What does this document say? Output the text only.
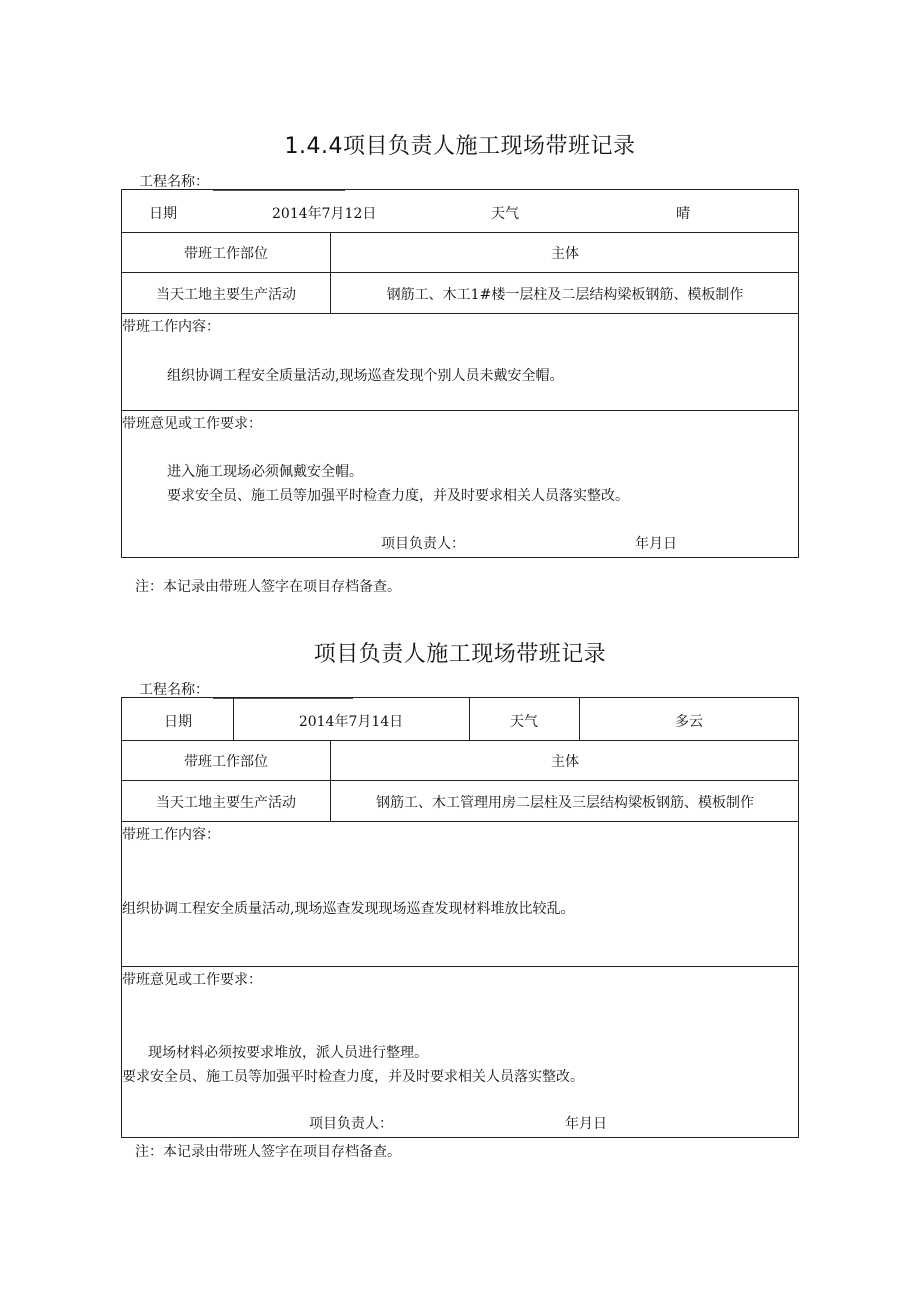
1.4.4项目负责人施工现场带班记录
工程名称：
日期	2014年7月12日	天气	晴
带班工作部位	主体
当天工地主要生产活动	钢筋工、木工1#楼一层柱及二层结构梁板钢筋、模板制作
带班工作内容：
组织协调工程安全质量活动,现场巡查发现个别人员未戴安全帽。
带班意见或工作要求：
进入施工现场必须佩戴安全帽。
要求安全员、施工员等加强平时检查力度，并及时要求相关人员落实整改。
项目负责人：	年月日
注：本记录由带班人签字在项目存档备查。
项目负责人施工现场带班记录
工程名称：
日期	2014年7月14日	天气	多云
带班工作部位	主体
当天工地主要生产活动	钢筋工、木工管理用房二层柱及三层结构梁板钢筋、模板制作
带班工作内容：
组织协调工程安全质量活动,现场巡查发现现场巡查发现材料堆放比较乱。
带班意见或工作要求：
现场材料必须按要求堆放，派人员进行整理。
要求安全员、施工员等加强平时检查力度，并及时要求相关人员落实整改。
项目负责人：	年月日
注：本记录由带班人签字在项目存档备查。
